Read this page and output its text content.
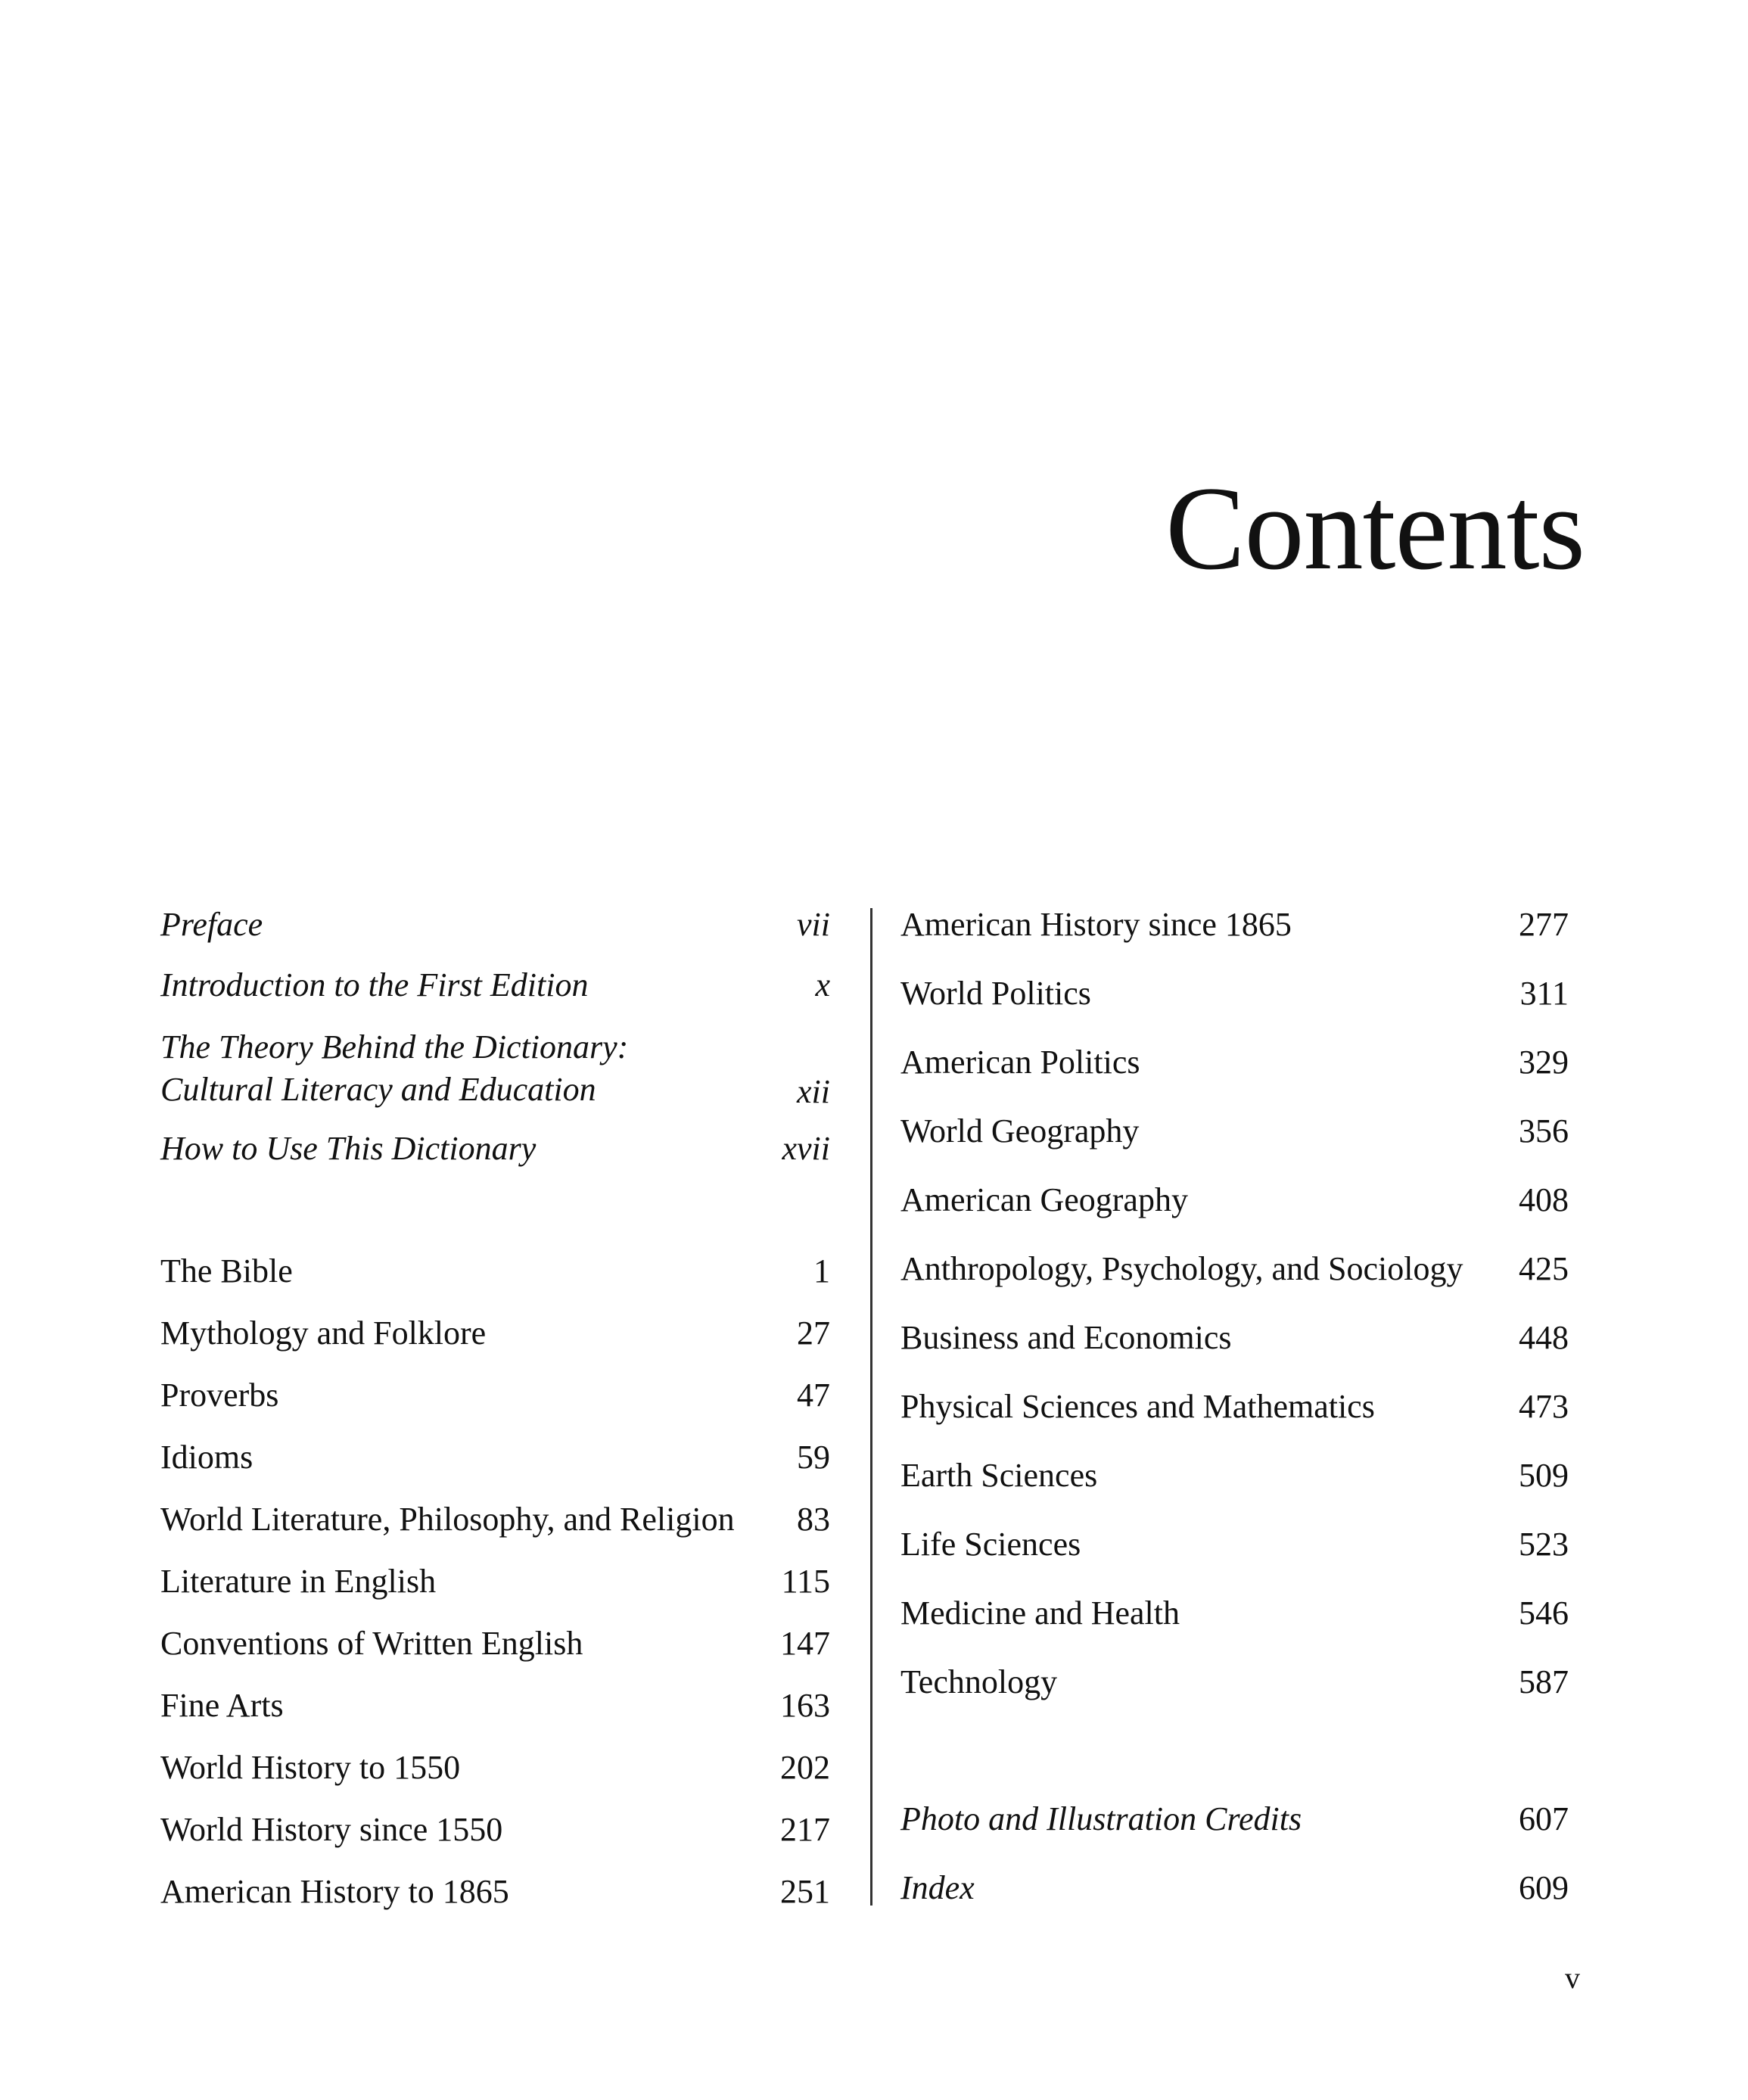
Contents
Preface	vii
Introduction to the First Edition	x
The Theory Behind the Dictionary:
Cultural Literacy and Education	xii
How to Use This Dictionary	xvii
The Bible	1
Mythology and Folklore	27
Proverbs	47
Idioms	59
World Literature, Philosophy, and Religion 83
Literature in English	115
Conventions of Written English	147
Fine Arts	163
World History to 1550	202
World History since 1550	217
American History to 1865	251
American History since 1865	277
World Politics	311
American Politics	329
World Geography	356
American Geography	408
Anthropology, Psychology, and Sociology 425
Business and Economics	448
Physical Sciences and Mathematics	473
Earth Sciences	509
Life Sciences	523
Medicine and Health	546
Technology	587
Photo and Illustration Credits	607
Index	609
v
